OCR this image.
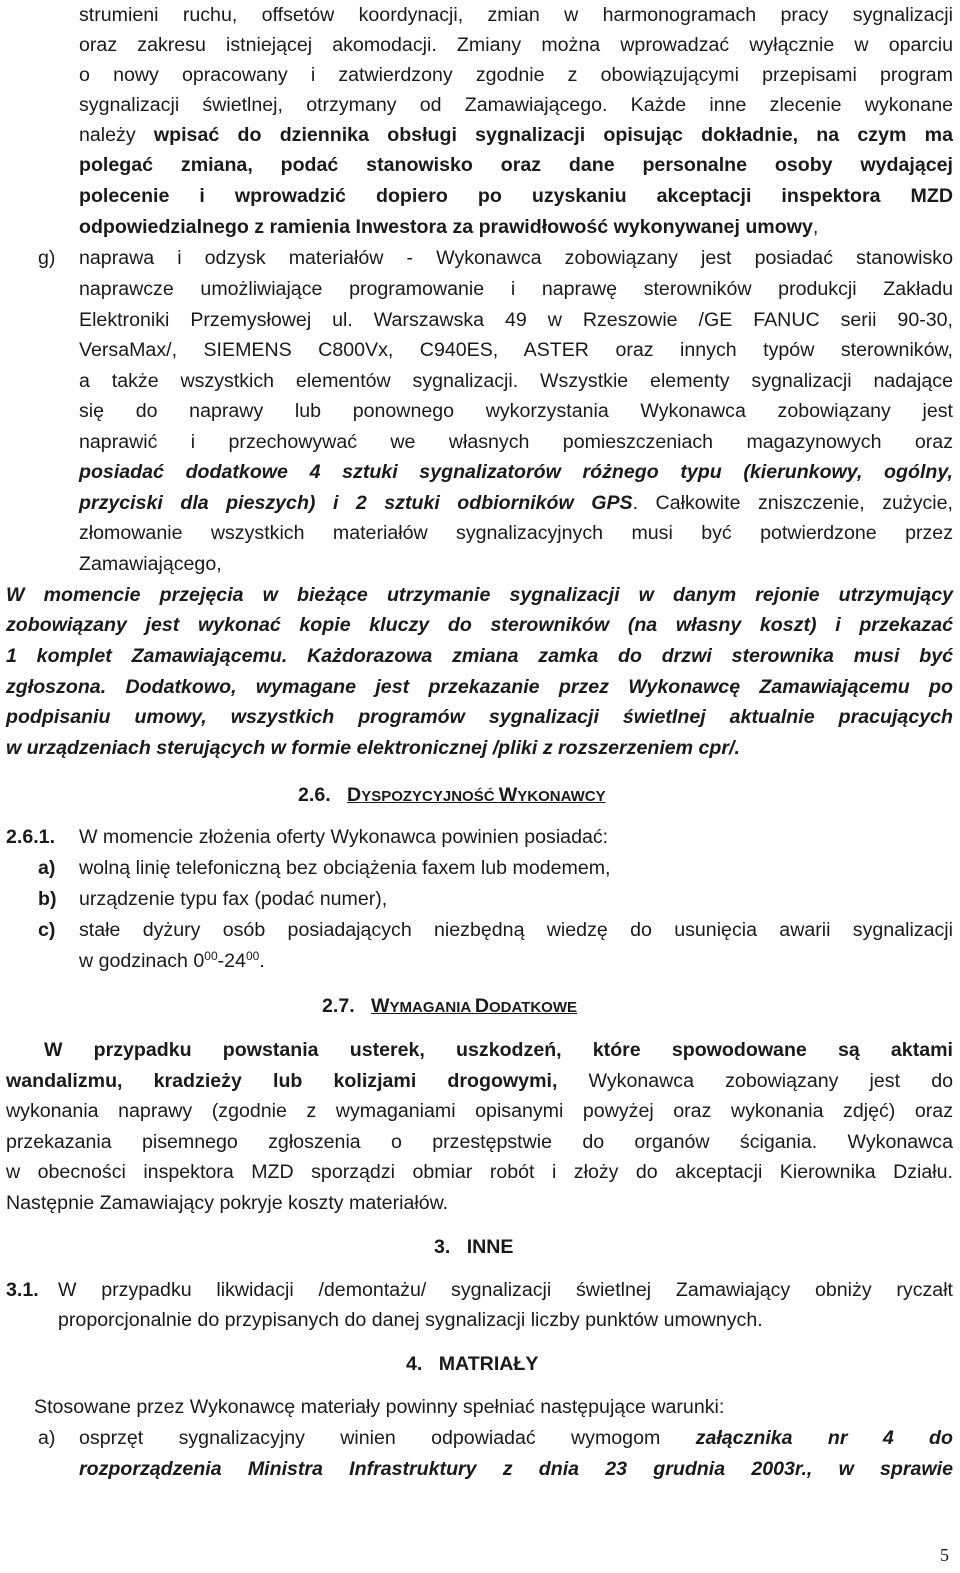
strumieni ruchu, offsetów koordynacji, zmian w harmonogramach pracy sygnalizacji
oraz zakresu istniejącej akomodacji. Zmiany można wprowadzać wyłącznie w oparciu
o nowy opracowany i zatwierdzony zgodnie z obowiązującymi przepisami program
sygnalizacji świetlnej, otrzymany od Zamawiającego. Każde inne zlecenie wykonane
należy wpisać do dziennika obsługi sygnalizacji opisując dokładnie, na czym ma
polegać zmiana, podać stanowisko oraz dane personalne osoby wydającej
polecenie i wprowadzić dopiero po uzyskaniu akceptacji inspektora MZD
odpowiedzialnego z ramienia Inwestora za prawidłowość wykonywanej umowy,
g) naprawa i odzysk materiałów - Wykonawca zobowiązany jest posiadać stanowisko
naprawcze umożliwiające programowanie i naprawę sterowników produkcji Zakładu
Elektroniki Przemysłowej ul. Warszawska 49 w Rzeszowie /GE FANUC serii 90-30,
VersaMax/, SIEMENS C800Vx, C940ES, ASTER oraz innych typów sterowników,
a także wszystkich elementów sygnalizacji. Wszystkie elementy sygnalizacji nadające
się do naprawy lub ponownego wykorzystania Wykonawca zobowiązany jest
naprawić i przechowywać we własnych pomieszczeniach magazynowych oraz
posiadać dodatkowe 4 sztuki sygnalizatorów różnego typu (kierunkowy, ogólny,
przyciski dla pieszych) i 2 sztuki odbiorników GPS. Całkowite zniszczenie, zużycie,
złomowanie wszystkich materiałów sygnalizacyjnych musi być potwierdzone przez
Zamawiającego,
W momencie przejęcia w bieżące utrzymanie sygnalizacji w danym rejonie utrzymujący
zobowiązany jest wykonać kopie kluczy do sterowników (na własny koszt) i przekazać
1 komplet Zamawiającemu. Każdorazowa zmiana zamka do drzwi sterownika musi być
zgłoszona. Dodatkowo, wymagane jest przekazanie przez Wykonawcę Zamawiającemu po
podpisaniu umowy, wszystkich programów sygnalizacji świetlnej aktualnie pracujących
w urządzeniach sterujących w formie elektronicznej /pliki z rozszerzeniem cpr/.
2.6. DYSPOZYCYJNOŚĆ WYKONAWCY
2.6.1. W momencie złożenia oferty Wykonawca powinien posiadać:
a) wolną linię telefoniczną bez obciążenia faxem lub modemem,
b) urządzenie typu fax (podać numer),
c) stałe dyżury osób posiadających niezbędną wiedzę do usunięcia awarii sygnalizacji
w godzinach $0^{00}-24^{00}$.
2.7. WYMAGANIA DODATKOWE
W przypadku powstania usterek, uszkodzeń, które spowodowane są aktami
wandalizmu, kradzieży lub kolizjami drogowymi, Wykonawca zobowiązany jest do
wykonania naprawy (zgodnie z wymaganiami opisanymi powyżej oraz wykonania zdjęć) oraz
przekazania pisemnego zgłoszenia o przestępstwie do organów ścigania. Wykonawca
w obecności inspektora MZD sporządzi obmiar robót i złoży do akceptacji Kierownika Działu.
Następnie Zamawiający pokryje koszty materiałów.
3. INNE
3.1. W przypadku likwidacji /demontażu/ sygnalizacji świetlnej Zamawiający obniży ryczałt
proporcjonalnie do przypisanych do danej sygnalizacji liczby punktów umownych.
4. MATRIAŁY
Stosowane przez Wykonawcę materiały powinny spełniać następujące warunki:
a) osprzęt sygnalizacyjny winien odpowiadać wymogom załącznika nr 4 do
rozporządzenia Ministra Infrastruktury z dnia 23 grudnia 2003r., w sprawie
5
